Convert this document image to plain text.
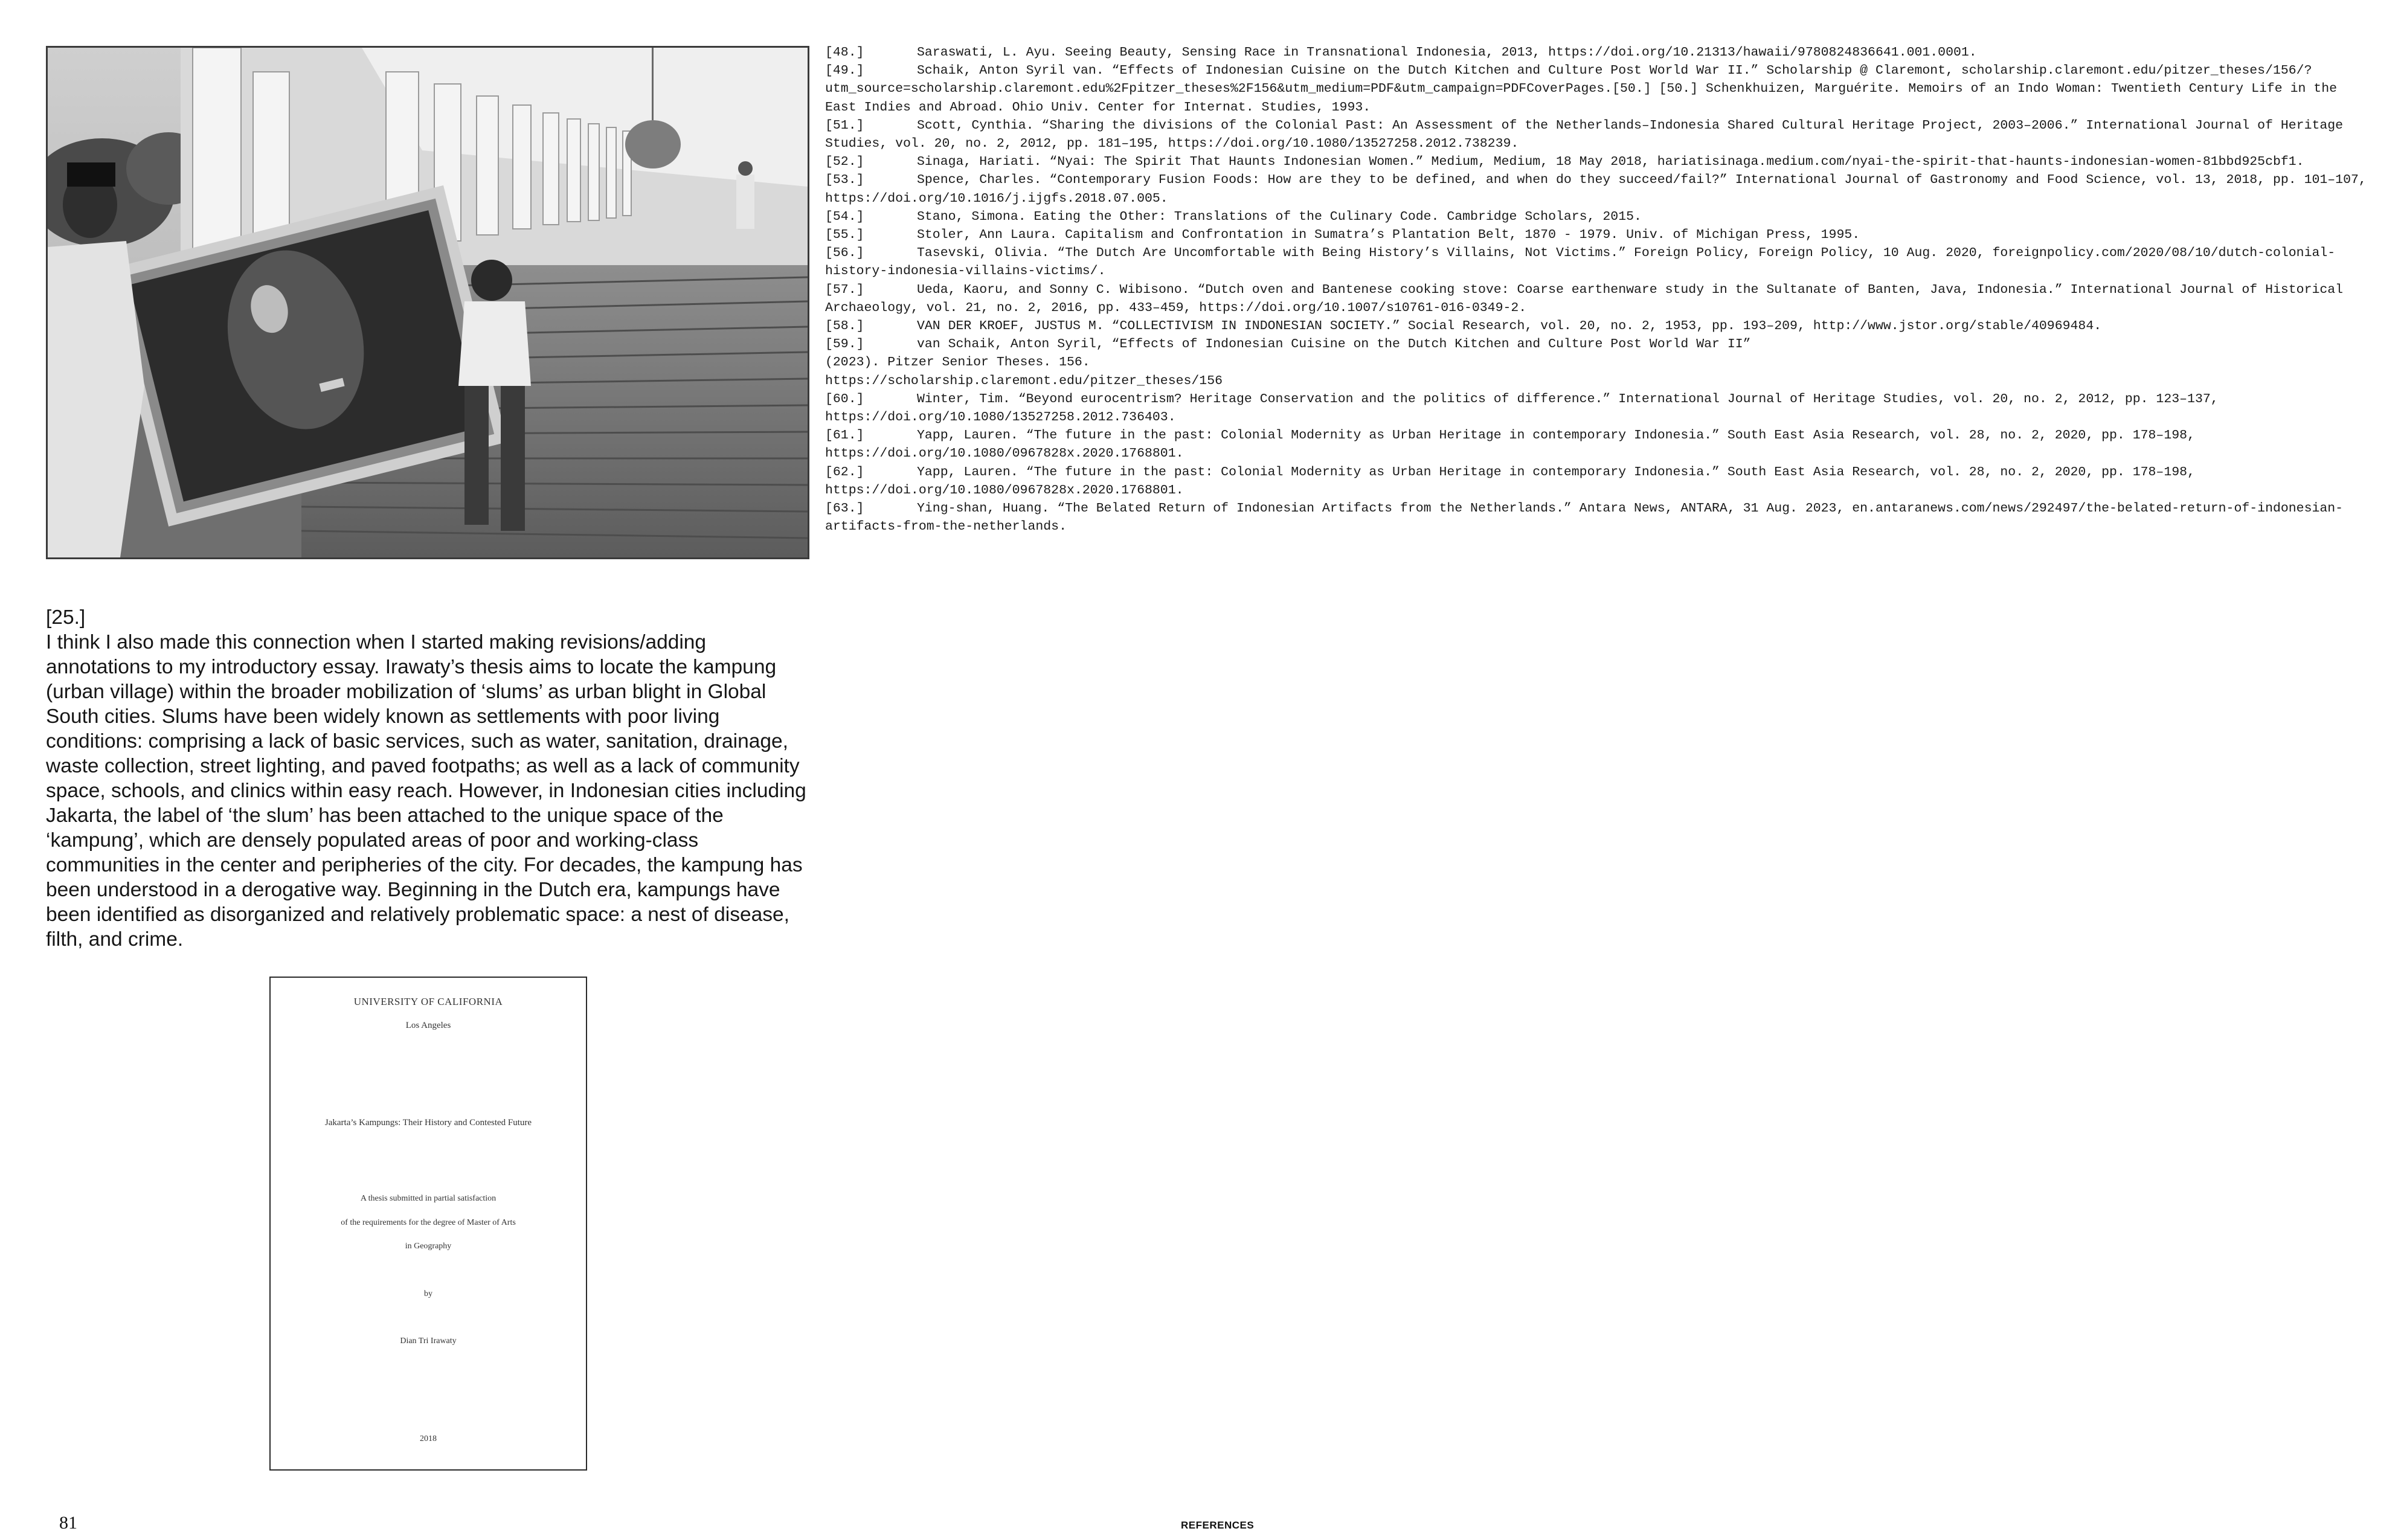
[48.]	Saraswati, L. Ayu. Seeing Beauty, Sensing Race in Transnational Indonesia, 2013, https://doi.org/10.21313/hawaii/9780824836641.001.0001.

[49.]	Schaik, Anton Syril van. “Effects of Indonesian Cuisine on the Dutch Kitchen and Culture Post World War II.” Scholarship @ Claremont, scholarship.claremont.edu/pitzer_theses/156/?utm_source=scholarship.claremont.edu%2Fpitzer_theses%2F156&utm_medium=PDF&utm_campaign=PDFCoverPages.[50.] [50.] Schenkhuizen, Marguérite. Memoirs of an Indo Woman: Twentieth Century Life in the East Indies and Abroad. Ohio Univ. Center for Internat. Studies, 1993.

[51.]	Scott, Cynthia. “Sharing the divisions of the Colonial Past: An Assessment of the Netherlands–Indonesia Shared Cultural Heritage Project, 2003–2006.” International Journal of Heritage Studies, vol. 20, no. 2, 2012, pp. 181–195, https://doi.org/10.1080/13527258.2012.738239.

[52.]	Sinaga, Hariati. “Nyai: The Spirit That Haunts Indonesian Women.” Medium, Medium, 18 May 2018, hariatisinaga.medium.com/nyai-the-spirit-that-haunts-indonesian-women-81bbd925cbf1.

[53.]	Spence, Charles. “Contemporary Fusion Foods: How are they to be defined, and when do they succeed/fail?” International Journal of Gastronomy and Food Science, vol. 13, 2018, pp. 101–107, https://doi.org/10.1016/j.ijgfs.2018.07.005.

[54.]	Stano, Simona. Eating the Other: Translations of the Culinary Code. Cambridge Scholars, 2015.

[55.]	Stoler, Ann Laura. Capitalism and Confrontation in Sumatra’s Plantation Belt, 1870 - 1979. Univ. of Michigan Press, 1995.

[56.]	Tasevski, Olivia. “The Dutch Are Uncomfortable with Being History’s Villains, Not Victims.” Foreign Policy, Foreign Policy, 10 Aug. 2020, foreignpolicy.com/2020/08/10/dutch-colonial-history-indonesia-villains-victims/.

[57.]	Ueda, Kaoru, and Sonny C. Wibisono. “Dutch oven and Bantenese cooking stove: Coarse earthenware study in the Sultanate of Banten, Java, Indonesia.” International Journal of Historical Archaeology, vol. 21, no. 2, 2016, pp. 433–459, https://doi.org/10.1007/s10761-016-0349-2.

[58.]	VAN DER KROEF, JUSTUS M. “COLLECTIVISM IN INDONESIAN SOCIETY.” Social Research, vol. 20, no. 2, 1953, pp. 193–209, http://www.jstor.org/stable/40969484.

[59.]	van Schaik, Anton Syril, “Effects of Indonesian Cuisine on the Dutch Kitchen and Culture Post World War II”

(2023). Pitzer Senior Theses. 156.

https://scholarship.claremont.edu/pitzer_theses/156

[60.]	Winter, Tim. “Beyond eurocentrism? Heritage Conservation and the politics of difference.” International Journal of Heritage Studies, vol. 20, no. 2, 2012, pp. 123–137, https://doi.org/10.1080/13527258.2012.736403.

[61.]	Yapp, Lauren. “The future in the past: Colonial Modernity as Urban Heritage in contemporary Indonesia.” South East Asia Research, vol. 28, no. 2, 2020, pp. 178–198, https://doi.org/10.1080/0967828x.2020.1768801.

[62.]	Yapp, Lauren. “The future in the past: Colonial Modernity as Urban Heritage in contemporary Indonesia.” South East Asia Research, vol. 28, no. 2, 2020, pp. 178–198, https://doi.org/10.1080/0967828x.2020.1768801.

[63.]	Ying-shan, Huang. “The Belated Return of Indonesian Artifacts from the Netherlands.” Antara News, ANTARA, 31 Aug. 2023, en.antaranews.com/news/292497/the-belated-return-of-indonesian-artifacts-from-the-netherlands.

[25.]
I think I also made this connection when I started making revisions/adding annotations to my introductory essay. Irawaty’s thesis aims to locate the kampung (urban village) within the broader mobilization of ‘slums’ as urban blight in Global South cities. Slums have been widely known as settlements with poor living conditions: comprising a lack of basic services, such as water, sanitation, drainage, waste collection, street lighting, and paved footpaths; as well as a lack of community space, schools, and clinics within easy reach. However, in Indonesian cities including Jakarta, the label of ‘the slum’ has been attached to the unique space of the ‘kampung’, which are densely populated areas of poor and working-class communities in the center and peripheries of the city. For decades, the kampung has been understood in a derogative way. Beginning in the Dutch era, kampungs have been identified as disorganized and relatively problematic space: a nest of disease, filth, and crime.
UNIVERSITY OF CALIFORNIA
Los Angeles
Jakarta’s Kampungs: Their History and Contested Future
A thesis submitted in partial satisfaction
of the requirements for the degree of Master of Arts
in Geography
by
Dian Tri Irawaty
2018
81	REFERENCES
